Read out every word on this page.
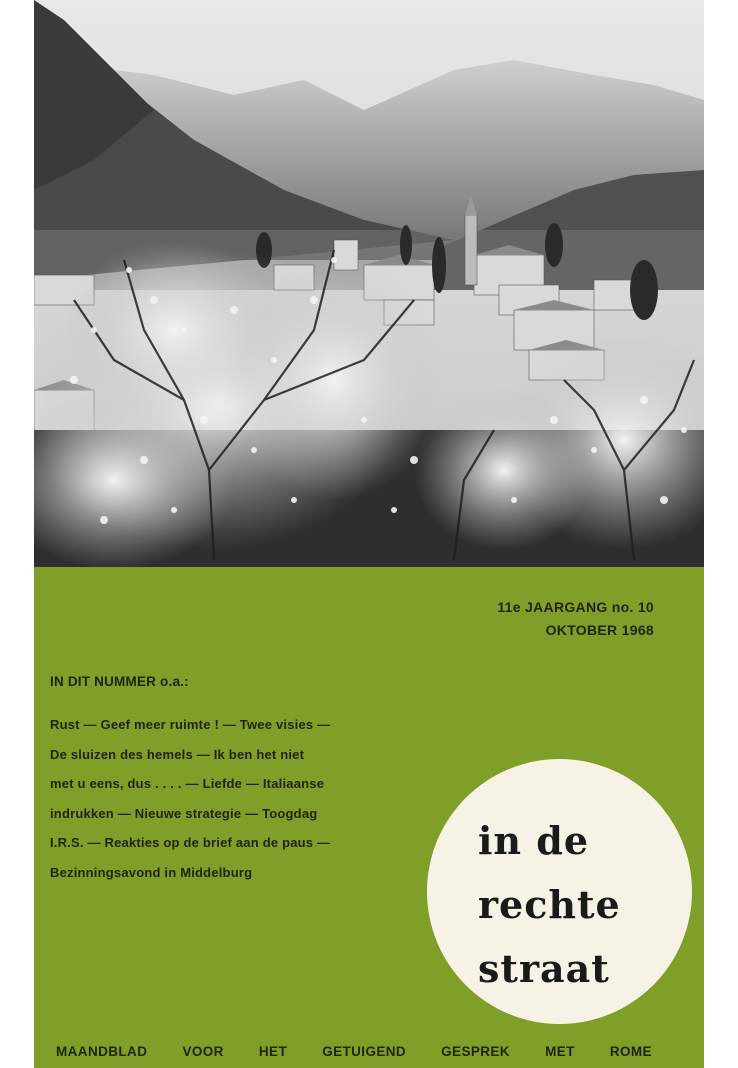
11e JAARGANG no. 10
OKTOBER 1968
IN DIT NUMMER o.a.:
Rust — Geef meer ruimte ! — Twee visies —
De sluizen des hemels — Ik ben het niet
met u eens, dus . . . . — Liefde — Italiaanse
indrukken — Nieuwe strategie — Toogdag
I.R.S. — Reakties op de brief aan de paus —
Bezinningsavond in Middelburg
in de
rechte
straat
MAANDBLAD	VOOR	HET	GETUIGEND	GESPREK	MET	ROME
